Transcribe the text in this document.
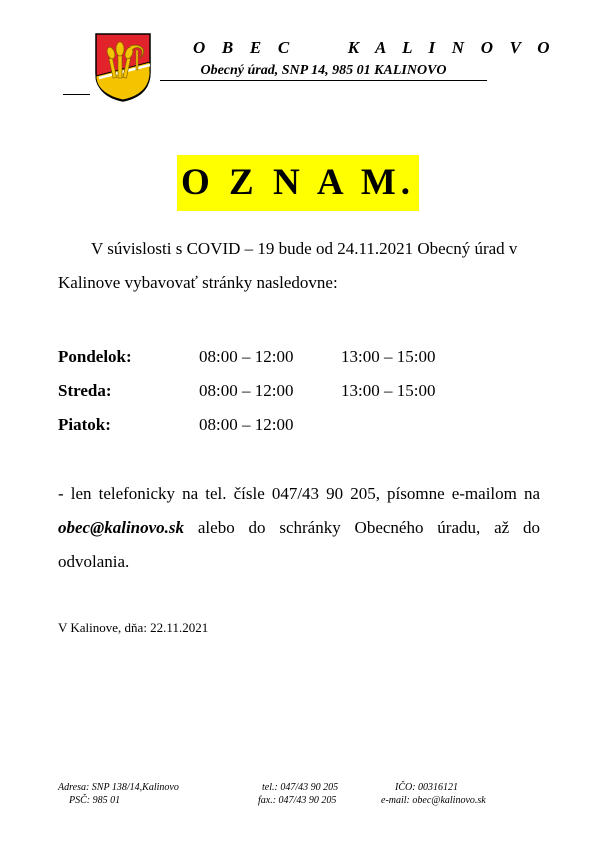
O B E C     K A L I N O V O
Obecný úrad, SNP 14, 985 01 KALINOVO
O Z N A M.
V súvislosti s COVID – 19 bude od 24.11.2021 Obecný úrad v Kalinove vybavovať stránky nasledovne:
Pondelok:	08:00 – 12:00	13:00 – 15:00
Streda:	08:00 – 12:00	13:00 – 15:00
Piatok:	08:00 – 12:00	
- len telefonicky na tel. čísle 047/43 90 205, písomne e-mailom na obec@kalinovo.sk alebo do schránky Obecného úradu, až do odvolania.
V Kalinove, dňa: 22.11.2021
Adresa: SNP 138/14,Kalinovo
PSČ: 985 01
tel.: 047/43 90 205
fax.: 047/43 90 205
IČO: 00316121
e-mail: obec@kalinovo.sk
